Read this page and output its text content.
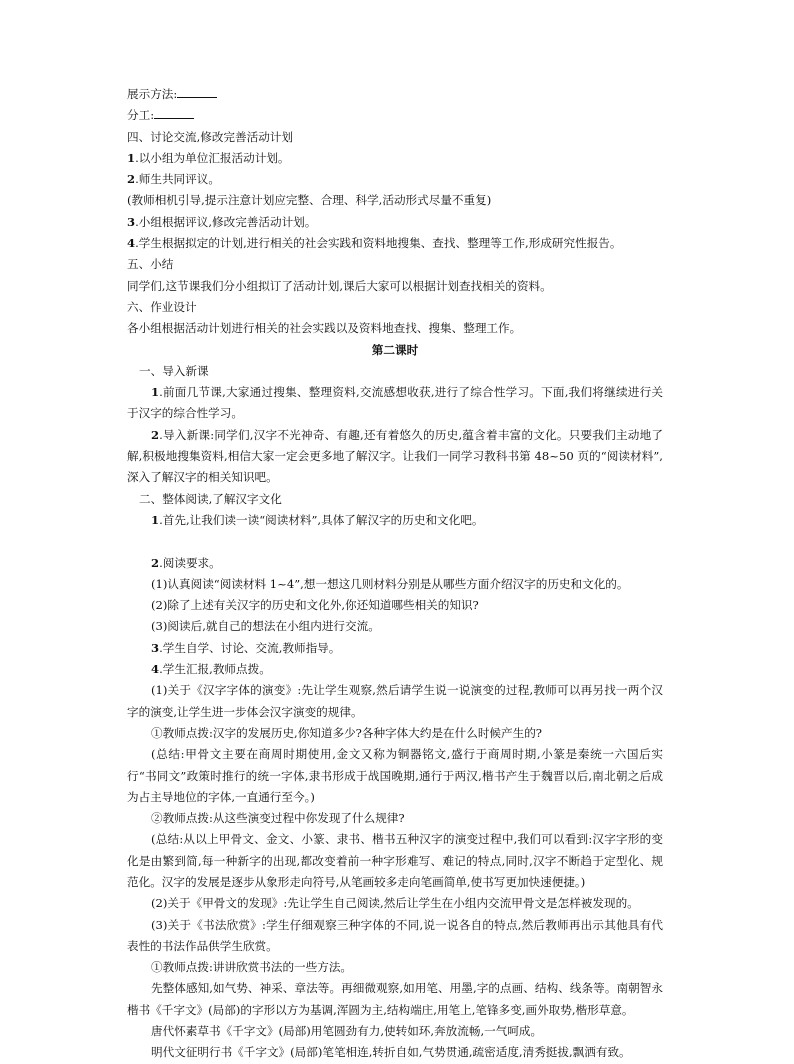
展示方法:
分工:
四、讨论交流,修改完善活动计划
1.以小组为单位汇报活动计划。
2.师生共同评议。
(教师相机引导,提示注意计划应完整、合理、科学,活动形式尽量不重复)
3.小组根据评议,修改完善活动计划。
4.学生根据拟定的计划,进行相关的社会实践和资料地搜集、查找、整理等工作,形成研究性报告。
五、小结
同学们,这节课我们分小组拟订了活动计划,课后大家可以根据计划查找相关的资料。
六、作业设计
各小组根据活动计划进行相关的社会实践以及资料地查找、搜集、整理工作。
第二课时
一、导入新课
1.前面几节课,大家通过搜集、整理资料,交流感想收获,进行了综合性学习。下面,我们将继续进行关于汉字的综合性学习。
2.导入新课:同学们,汉字不光神奇、有趣,还有着悠久的历史,蕴含着丰富的文化。只要我们主动地了解,积极地搜集资料,相信大家一定会更多地了解汉字。让我们一同学习教科书第 48~50 页的“阅读材料”,深入了解汉字的相关知识吧。
二、整体阅读,了解汉字文化
1.首先,让我们读一读“阅读材料”,具体了解汉字的历史和文化吧。
2.阅读要求。
(1)认真阅读“阅读材料 1~4”,想一想这几则材料分别是从哪些方面介绍汉字的历史和文化的。
(2)除了上述有关汉字的历史和文化外,你还知道哪些相关的知识?
(3)阅读后,就自己的想法在小组内进行交流。
3.学生自学、讨论、交流,教师指导。
4.学生汇报,教师点拨。
(1)关于《汉字字体的演变》:先让学生观察,然后请学生说一说演变的过程,教师可以再另找一两个汉字的演变,让学生进一步体会汉字演变的规律。
①教师点拨:汉字的发展历史,你知道多少?各种字体大约是在什么时候产生的?
(总结:甲骨文主要在商周时期使用,金文又称为铜器铭文,盛行于商周时期,小篆是秦统一六国后实行“书同文”政策时推行的统一字体,隶书形成于战国晚期,通行于两汉,楷书产生于魏晋以后,南北朝之后成为占主导地位的字体,一直通行至今。)
②教师点拨:从这些演变过程中你发现了什么规律?
(总结:从以上甲骨文、金文、小篆、隶书、楷书五种汉字的演变过程中,我们可以看到:汉字字形的变化是由繁到简,每一种新字的出现,都改变着前一种字形难写、难记的特点,同时,汉字不断趋于定型化、规范化。汉字的发展是逐步从象形走向符号,从笔画较多走向笔画简单,使书写更加快速便捷。)
(2)关于《甲骨文的发现》:先让学生自己阅读,然后让学生在小组内交流甲骨文是怎样被发现的。
(3)关于《书法欣赏》:学生仔细观察三种字体的不同,说一说各自的特点,然后教师再出示其他具有代表性的书法作品供学生欣赏。
①教师点拨:讲讲欣赏书法的一些方法。
先整体感知,如气势、神采、章法等。再细微观察,如用笔、用墨,字的点画、结构、线条等。南朝智永楷书《千字文》(局部)的字形以方为基调,浑圆为主,结构端庄,用笔上,笔锋多变,画外取势,楷形草意。
唐代怀素草书《千字文》(局部)用笔圆劲有力,使转如环,奔放流畅,一气呵成。
明代文征明行书《千字文》(局部)笔笔相连,转折自如,气势贯通,疏密适度,清秀挺拔,飘洒有致。
